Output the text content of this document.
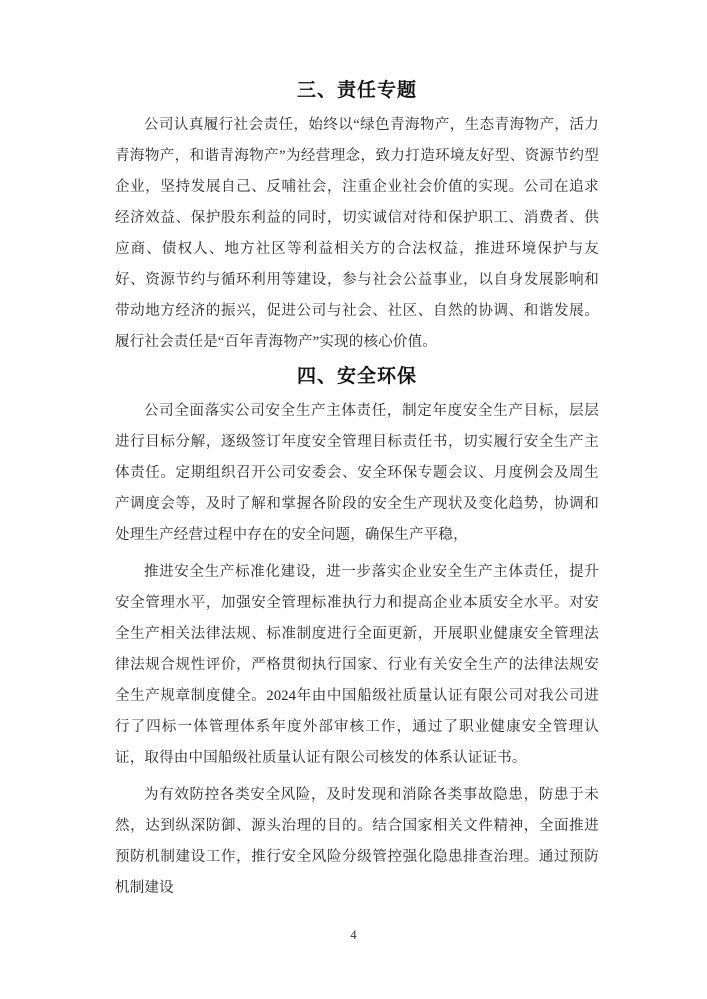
三、责任专题

公司认真履行社会责任，始终以“绿色青海物产，生态青海物产，活力青海物产，和谐青海物产”为经营理念，致力打造环境友好型、资源节约型企业，坚持发展自己、反哺社会，注重企业社会价值的实现。公司在追求经济效益、保护股东利益的同时，切实诚信对待和保护职工、消费者、供应商、债权人、地方社区等利益相关方的合法权益，推进环境保护与友好、资源节约与循环利用等建设，参与社会公益事业，以自身发展影响和带动地方经济的振兴，促进公司与社会、社区、自然的协调、和谐发展。履行社会责任是“百年青海物产”实现的核心价值。

四、安全环保

公司全面落实公司安全生产主体责任，制定年度安全生产目标，层层进行目标分解，逐级签订年度安全管理目标责任书，切实履行安全生产主体责任。定期组织召开公司安委会、安全环保专题会议、月度例会及周生产调度会等，及时了解和掌握各阶段的安全生产现状及变化趋势，协调和处理生产经营过程中存在的安全问题，确保生产平稳，

推进安全生产标准化建设，进一步落实企业安全生产主体责任，提升安全管理水平，加强安全管理标准执行力和提高企业本质安全水平。对安全生产相关法律法规、标准制度进行全面更新，开展职业健康安全管理法律法规合规性评价，严格贯彻执行国家、行业有关安全生产的法律法规安全生产规章制度健全。2024年由中国船级社质量认证有限公司对我公司进行了四标一体管理体系年度外部审核工作，通过了职业健康安全管理认证，取得由中国船级社质量认证有限公司核发的体系认证证书。

为有效防控各类安全风险，及时发现和消除各类事故隐患，防患于未然，达到纵深防御、源头治理的目的。结合国家相关文件精神，全面推进预防机制建设工作，推行安全风险分级管控强化隐患排查治理。通过预防机制建设

4
